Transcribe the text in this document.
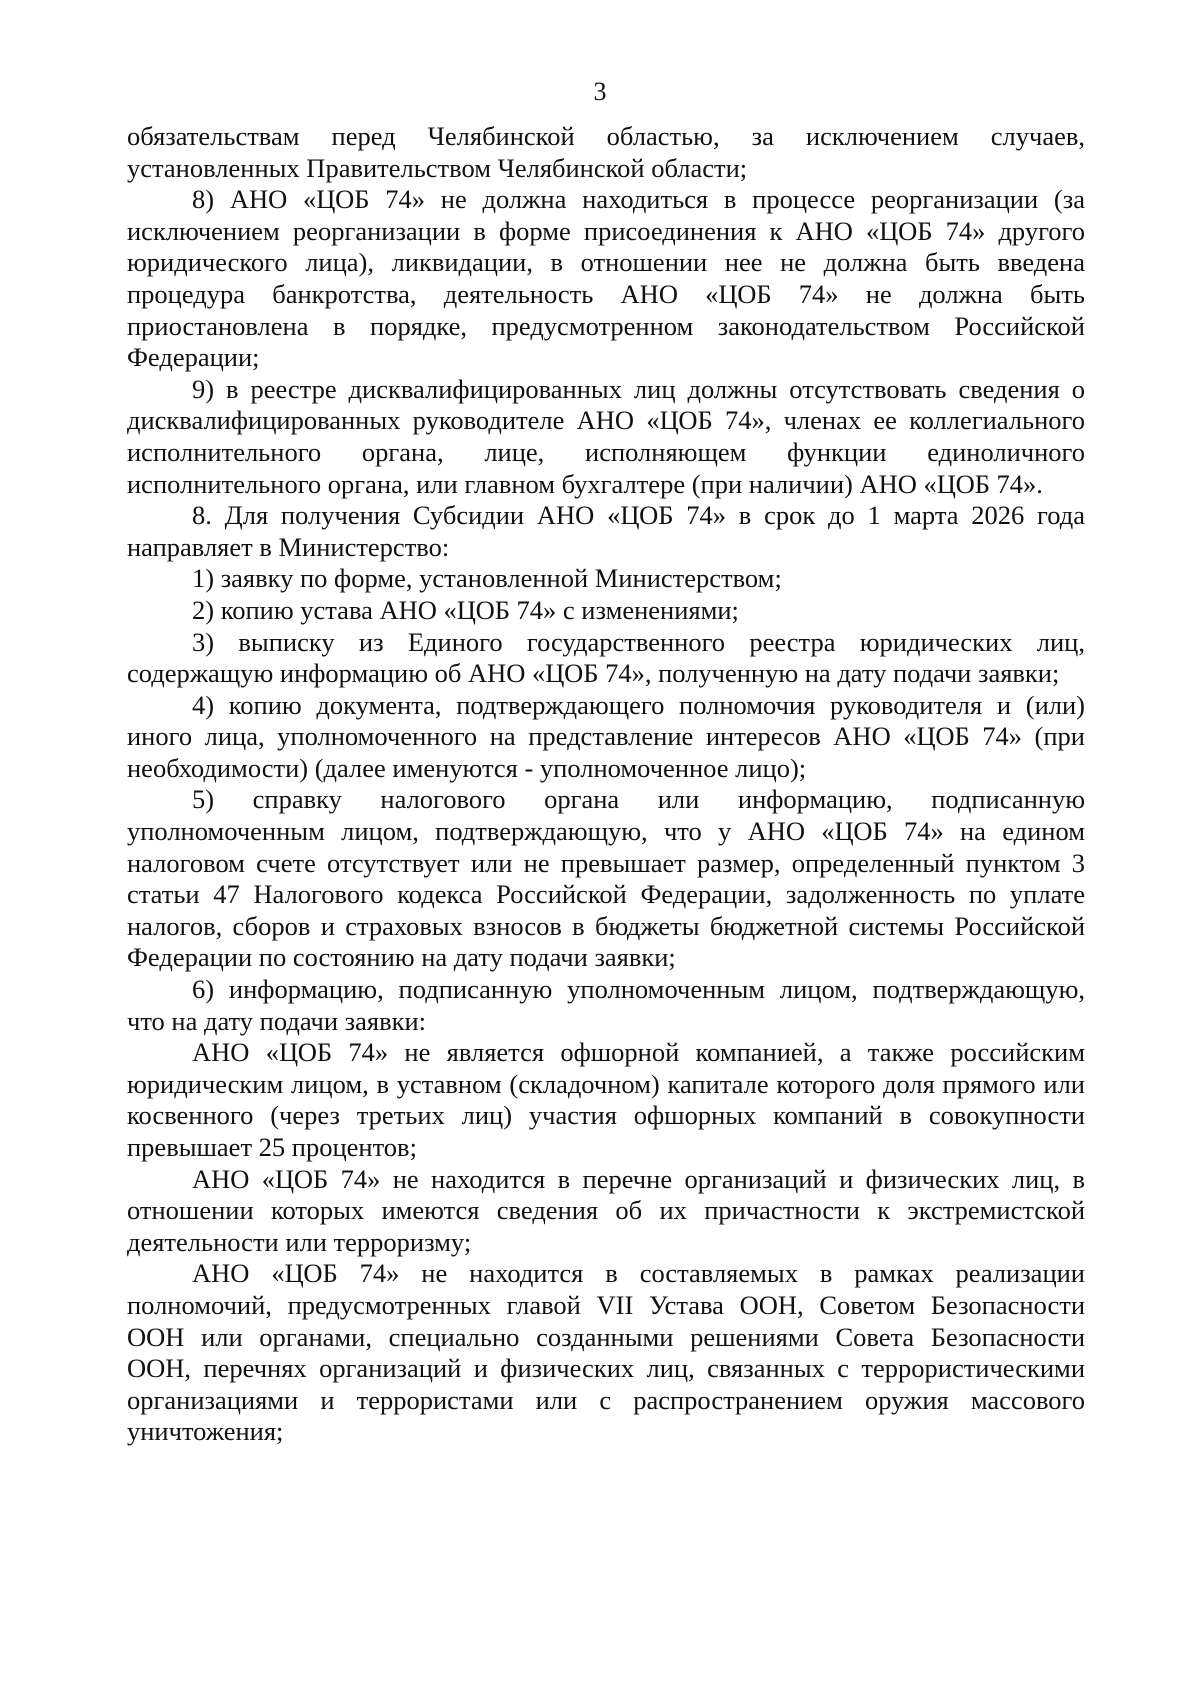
3

обязательствам перед Челябинской областью, за исключением случаев, установленных Правительством Челябинской области;

8) АНО «ЦОБ 74» не должна находиться в процессе реорганизации (за исключением реорганизации в форме присоединения к АНО «ЦОБ 74» другого юридического лица), ликвидации, в отношении нее не должна быть введена процедура банкротства, деятельность АНО «ЦОБ 74» не должна быть приостановлена в порядке, предусмотренном законодательством Российской Федерации;

9) в реестре дисквалифицированных лиц должны отсутствовать сведения о дисквалифицированных руководителе АНО «ЦОБ 74», членах ее коллегиального исполнительного органа, лице, исполняющем функции единоличного исполнительного органа, или главном бухгалтере (при наличии) АНО «ЦОБ 74».

8. Для получения Субсидии АНО «ЦОБ 74» в срок до 1 марта 2026 года направляет в Министерство:

1) заявку по форме, установленной Министерством;

2) копию устава АНО «ЦОБ 74» с изменениями;

3) выписку из Единого государственного реестра юридических лиц, содержащую информацию об АНО «ЦОБ 74», полученную на дату подачи заявки;

4) копию документа, подтверждающего полномочия руководителя и (или) иного лица, уполномоченного на представление интересов АНО «ЦОБ 74» (при необходимости) (далее именуются - уполномоченное лицо);

5) справку налогового органа или информацию, подписанную уполномоченным лицом, подтверждающую, что у АНО «ЦОБ 74» на едином налоговом счете отсутствует или не превышает размер, определенный пунктом 3 статьи 47 Налогового кодекса Российской Федерации, задолженность по уплате налогов, сборов и страховых взносов в бюджеты бюджетной системы Российской Федерации по состоянию на дату подачи заявки;

6) информацию, подписанную уполномоченным лицом, подтверждающую, что на дату подачи заявки:

АНО «ЦОБ 74» не является офшорной компанией, а также российским юридическим лицом, в уставном (складочном) капитале которого доля прямого или косвенного (через третьих лиц) участия офшорных компаний в совокупности превышает 25 процентов;

АНО «ЦОБ 74» не находится в перечне организаций и физических лиц, в отношении которых имеются сведения об их причастности к экстремистской деятельности или терроризму;

АНО «ЦОБ 74» не находится в составляемых в рамках реализации полномочий, предусмотренных главой VII Устава ООН, Советом Безопасности ООН или органами, специально созданными решениями Совета Безопасности ООН, перечнях организаций и физических лиц, связанных с террористическими организациями и террористами или с распространением оружия массового уничтожения;
